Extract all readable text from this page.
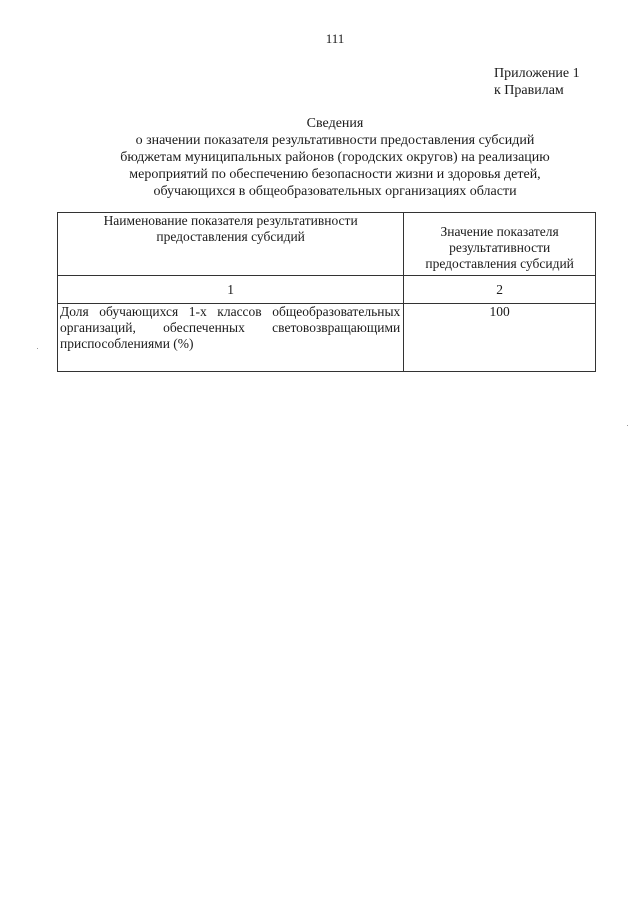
111
Приложение 1
к Правилам
Сведения
о значении показателя результативности предоставления субсидий
бюджетам муниципальных районов (городских округов) на реализацию
мероприятий по обеспечению безопасности жизни и здоровья детей,
обучающихся в общеобразовательных организациях области
Наименование показателя результативности предоставления субсидий	Значение показателя результативности предоставления субсидий
1	2
Доля обучающихся 1-х классов общеобразовательных организаций, обеспеченных световозвращающими приспособлениями (%)	100
